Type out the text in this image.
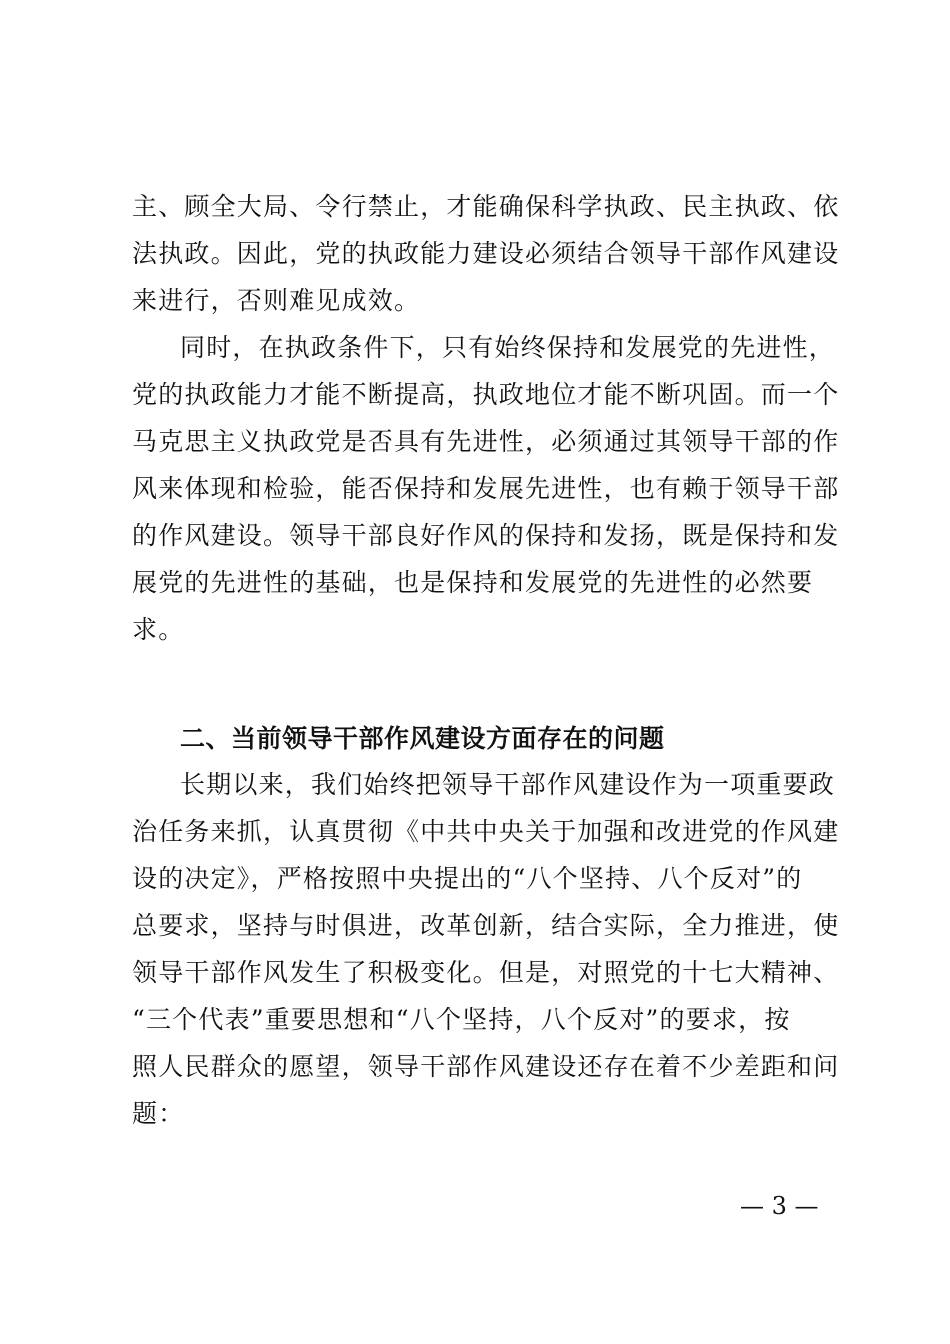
主、顾全大局、令行禁止，才能确保科学执政、民主执政、依
法执政。因此，党的执政能力建设必须结合领导干部作风建设
来进行，否则难见成效。
同时，在执政条件下，只有始终保持和发展党的先进性，
党的执政能力才能不断提高，执政地位才能不断巩固。而一个
马克思主义执政党是否具有先进性，必须通过其领导干部的作
风来体现和检验，能否保持和发展先进性，也有赖于领导干部
的作风建设。领导干部良好作风的保持和发扬，既是保持和发
展党的先进性的基础，也是保持和发展党的先进性的必然要
求。
二、当前领导干部作风建设方面存在的问题
长期以来，我们始终把领导干部作风建设作为一项重要政
治任务来抓，认真贯彻《中共中央关于加强和改进党的作风建
设的决定》，严格按照中央提出的“八个坚持、八个反对”的
总要求，坚持与时俱进，改革创新，结合实际，全力推进，使
领导干部作风发生了积极变化。但是，对照党的十七大精神、
“三个代表”重要思想和“八个坚持，八个反对”的要求，按
照人民群众的愿望，领导干部作风建设还存在着不少差距和问
题：
— 3 —
